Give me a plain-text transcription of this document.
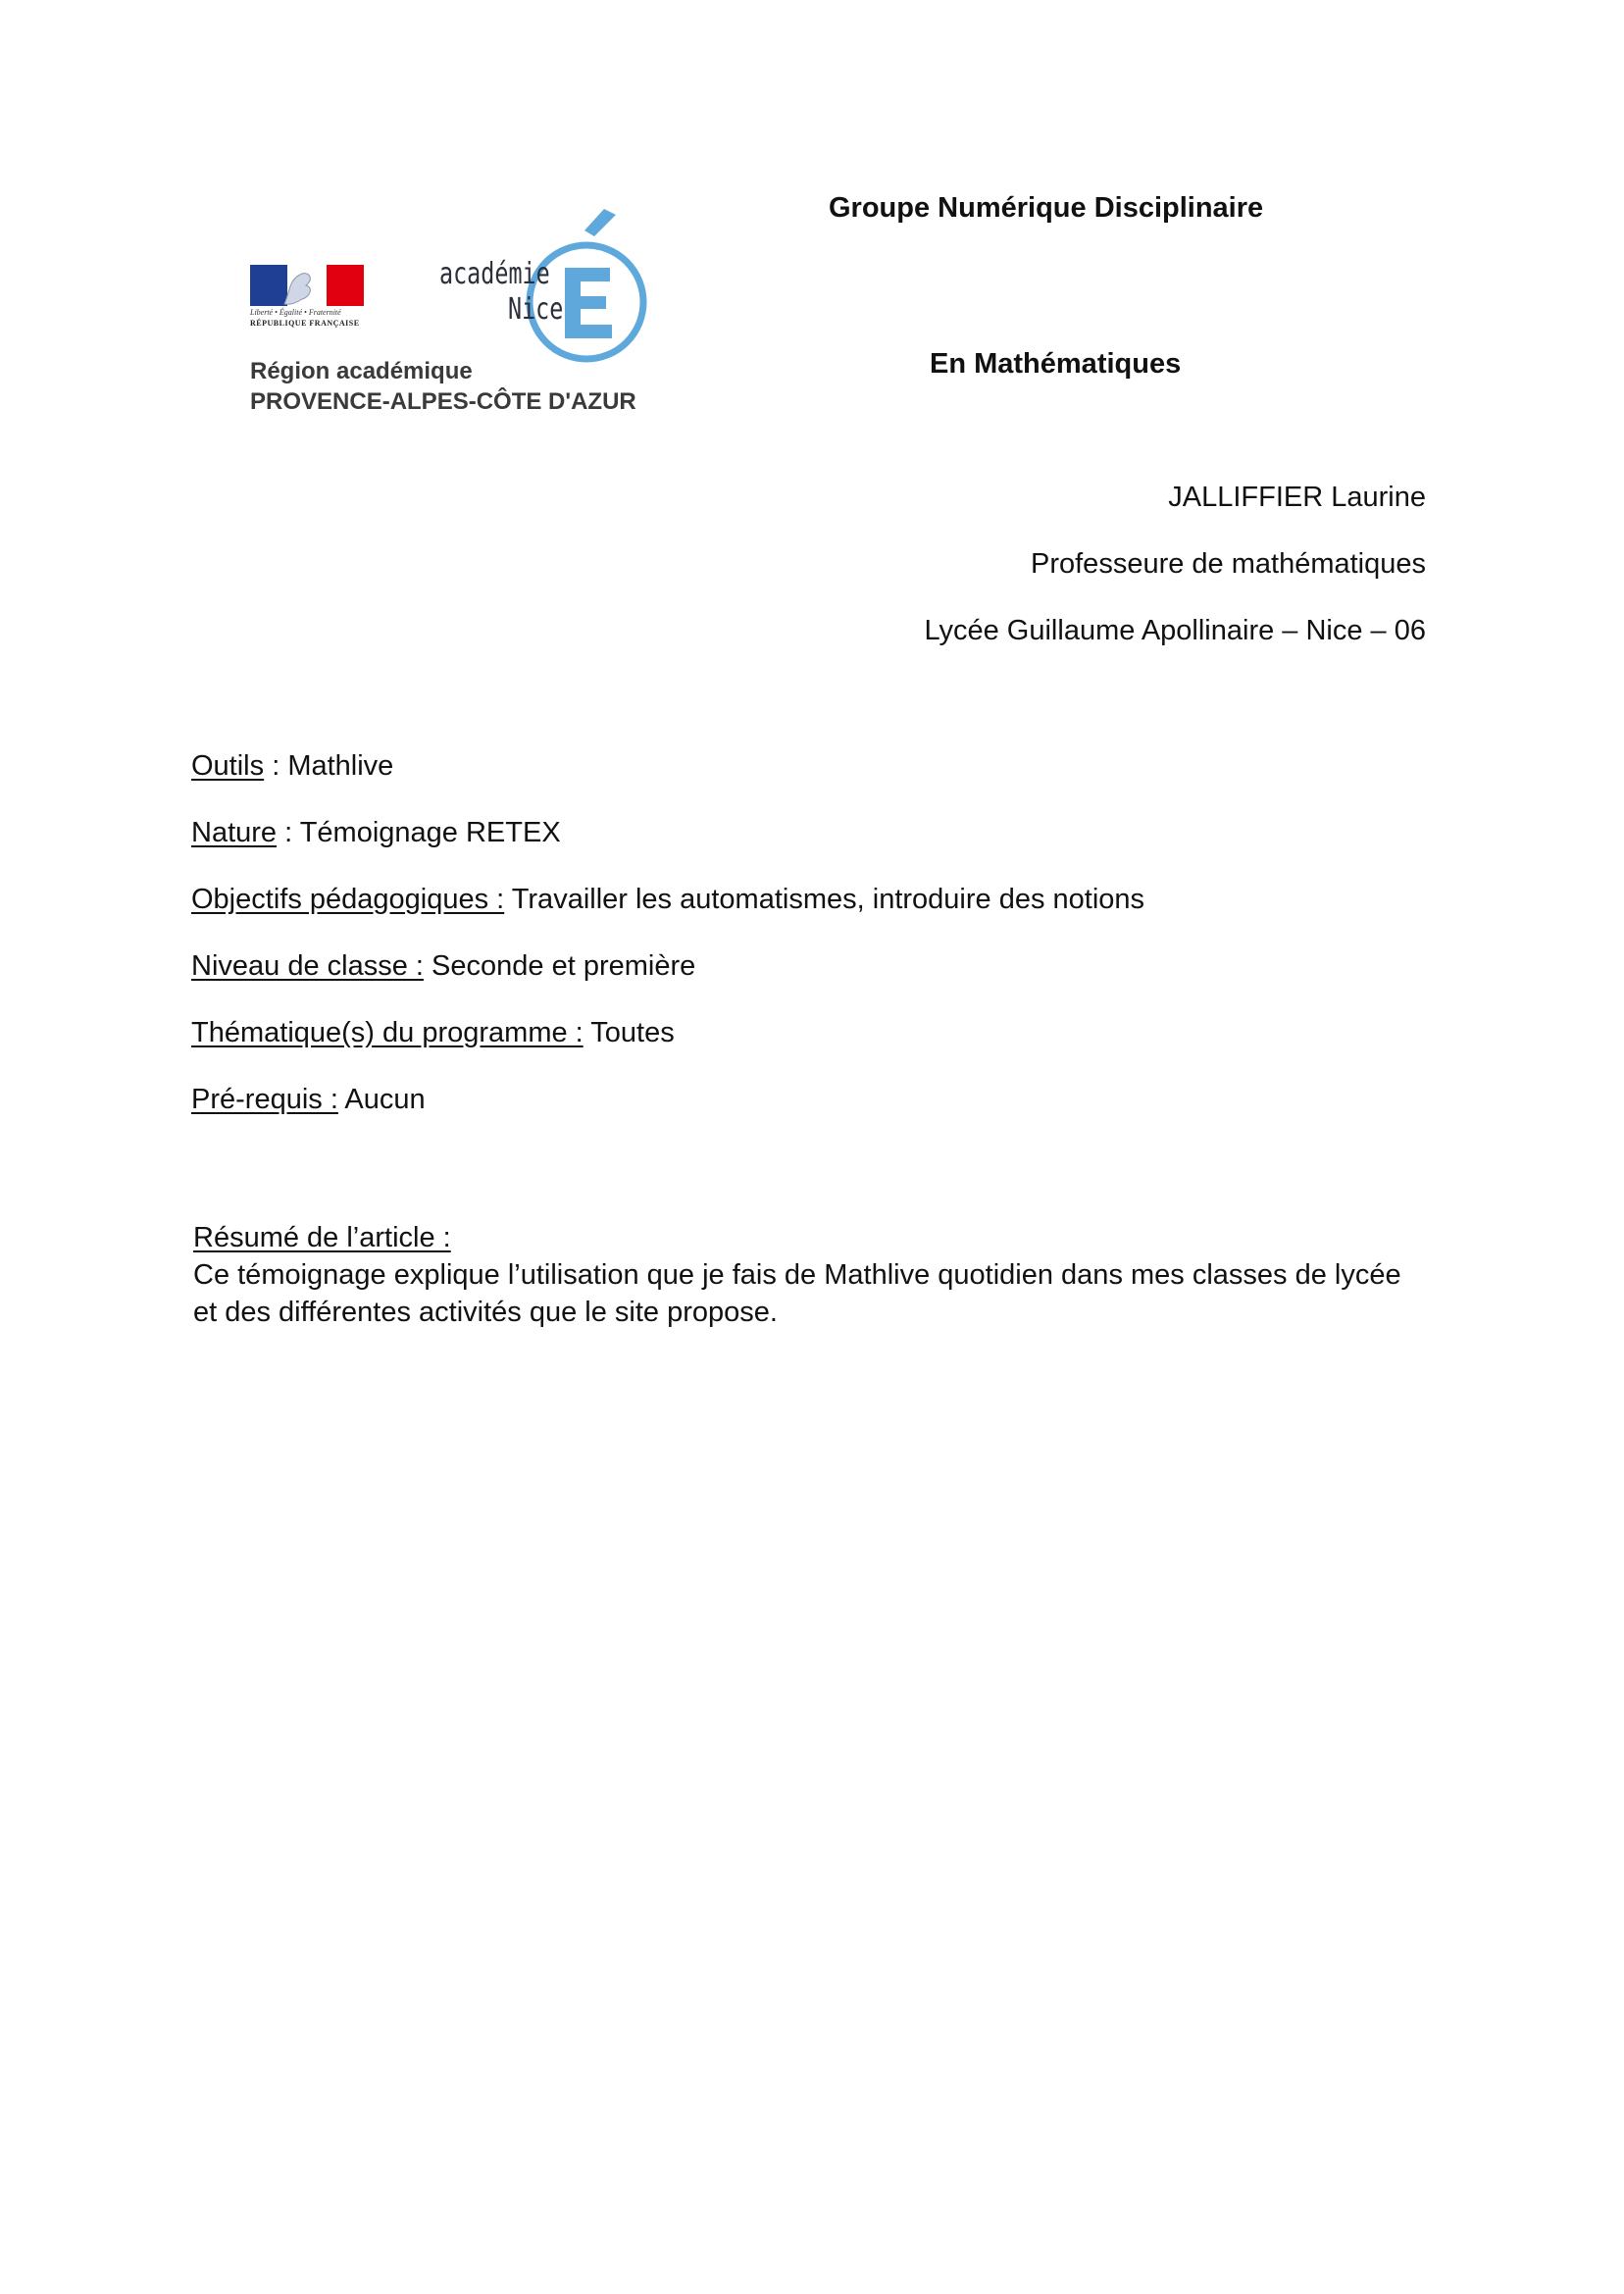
Liberté • Égalité • Fraternité
RÉPUBLIQUE FRANÇAISE
académie
Nice
Région académique
PROVENCE-ALPES-CÔTE D'AZUR
Groupe Numérique Disciplinaire
En Mathématiques
JALLIFFIER Laurine
Professeure de mathématiques
Lycée Guillaume Apollinaire – Nice – 06
Outils : Mathlive
Nature : Témoignage RETEX
Objectifs pédagogiques : Travailler les automatismes, introduire des notions
Niveau de classe : Seconde et première
Thématique(s) du programme : Toutes
Pré-requis : Aucun
Résumé de l’article :
Ce témoignage explique l’utilisation que je fais de Mathlive quotidien dans mes classes de lycée et des différentes activités que le site propose.
